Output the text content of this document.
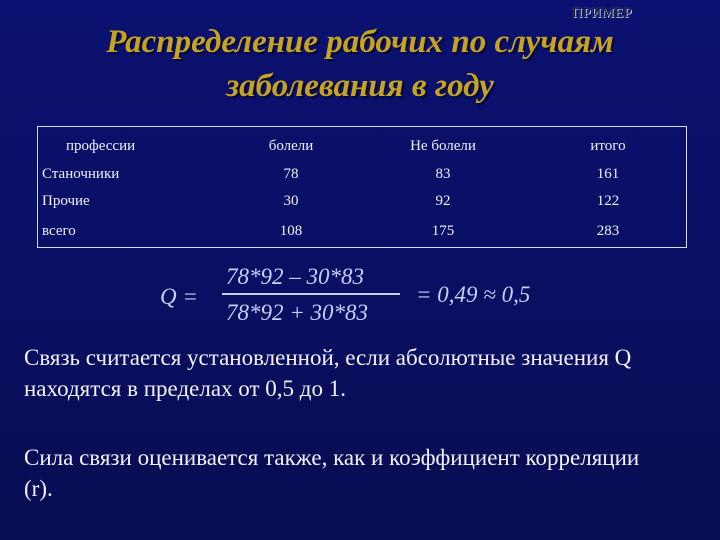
ПРИМЕР
Распределение рабочих по случаям
заболевания в году
профессии	болели	Не болели	итого
Станочники	78	83	161
Прочие	30	92	122
всего	108	175	283
Q =
78*92 – 30*83
78*92 + 30*83
= 0,49 ≈ 0,5

Связь считается установленной, если абсолютные значения Q находятся в пределах от 0,5 до 1.

Сила связи оценивается также, как и коэффициент корреляции (r).
